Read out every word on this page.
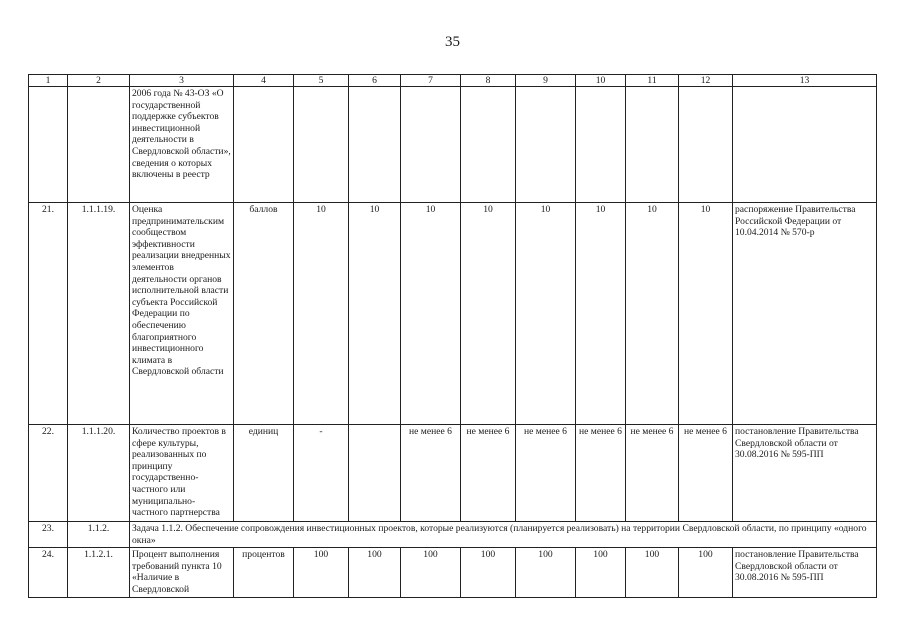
35
1	2	3	4	5	6	7	8	9	10	11	12	13
		2006 года № 43-ОЗ «О государственной поддержке субъектов инвестиционной деятельности в Свердловской области», сведения о которых включены в реестр										
21.	1.1.1.19.	Оценка предпринимательским сообществом эффективности реализации внедренных элементов деятельности органов исполнительной власти субъекта Российской Федерации по обеспечению благоприятного инвестиционного климата в Свердловской области	баллов	10	10	10	10	10	10	10	10	распоряжение Правительства Российской Федерации от 10.04.2014 № 570-р
22.	1.1.1.20.	Количество проектов в сфере культуры, реализованных по принципу государственно-частного или муниципально-частного партнерства	единиц	-		не менее 6	не менее 6	не менее 6	не менее 6	не менее 6	не менее 6	постановление Правительства Свердловской области от 30.08.2016 № 595-ПП
23.	1.1.2.	Задача 1.1.2. Обеспечение сопровождения инвестиционных проектов, которые реализуются (планируется реализовать) на территории Свердловской области, по принципу «одного окна»										
24.	1.1.2.1.	Процент выполнения требований пункта 10 «Наличие в Свердловской	процентов	100	100	100	100	100	100	100	100	постановление Правительства Свердловской области от 30.08.2016 № 595-ПП
